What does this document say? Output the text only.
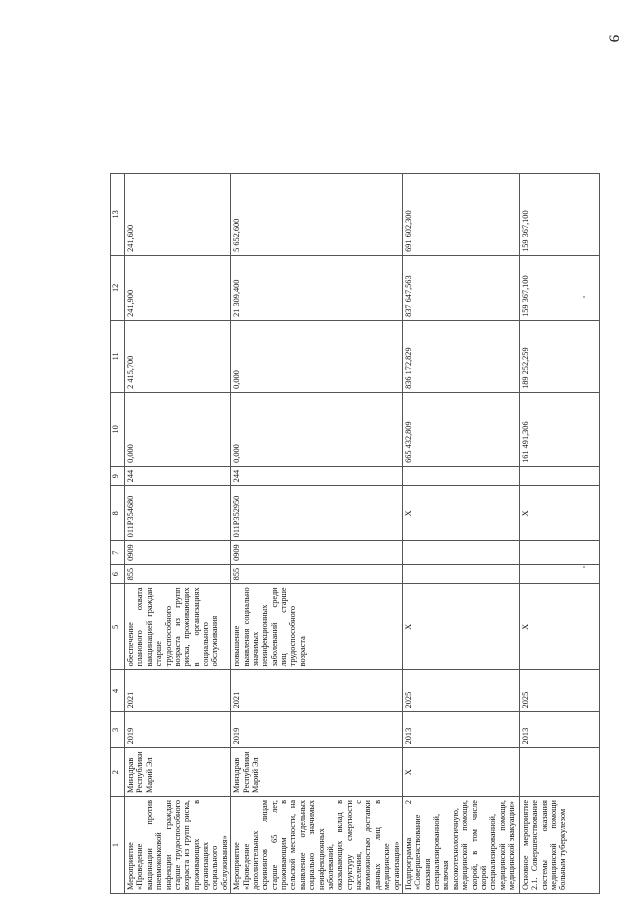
9
1	2	3	4	5	6	7	8	9	10	11	12	13
Мероприятие «Проведение вакцинации против пневмококковой инфекции граждан старше трудоспособного возраста из групп риска, проживающих в организациях социального обслуживания»	Минздрав Республики Марий Эл	2019	2021	обеспечение планового охвата вакцинацией граждан старше трудоспособного возраста из групп риска, проживающих в организациях социального обслуживания	855	0909	011P354680	244	0,000	2 415,700	241,900	241,600
Мероприятие «Проведение дополнительных скринингов лицам старше 65 лет, проживающим в сельской местности, на выявление отдельных социально значимых неинфекционных заболеваний, оказывающих вклад в структуру смертности населения, с возможностью доставки данных лиц в медицинские организации»	Минздрав Республики Марий Эл	2019	2021	повышение выявления социально значимых неинфекционных заболеваний среди лиц старше трудоспособного возраста	855	0909	011P352950	244	0,000	0,000	21 309,400	5 652,600
Подпрограмма 2 «Совершенствование оказания специализированной, включая высокотехнологичную, медицинской помощи, скорой, в том числе скорой специализированной, медицинской помощи, медицинской эвакуации»	X	2013	2025	X			X		665 432,809	836 172,829	837 647,563	691 602,300
Основное мероприятие 2.1. Совершенствование системы оказания медицинской помощи больным туберкулезом		2013	2025	X			X		161 491,306	189 252,259	159 367,100	159 367,100
